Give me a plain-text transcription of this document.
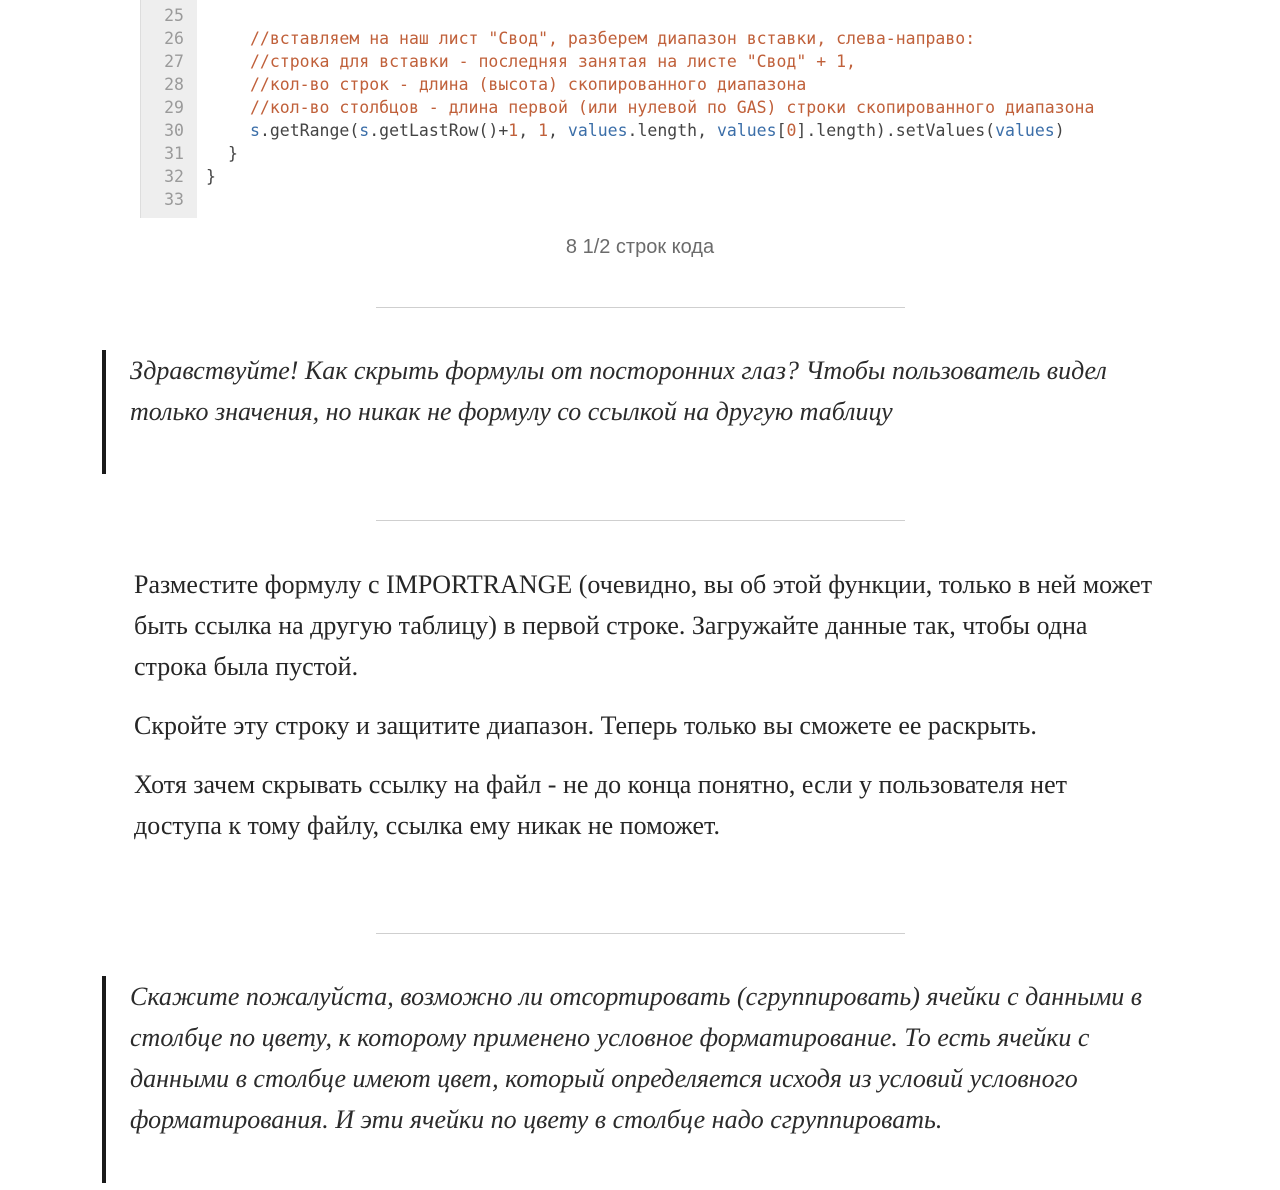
25
26	//вставляем на наш лист "Свод", разберем диапазон вставки, слева-направо:
27	//строка для вставки - последняя занятая на листе "Свод" + 1,
28	//кол-во строк - длина (высота) скопированного диапазона
29	//кол-во столбцов - длина первой (или нулевой по GAS) строки скопированного диапазона
30	s.getRange(s.getLastRow()+1, 1, values.length, values[0].length).setValues(values)
31	}
32 }
33
8 1/2 строк кода

Здравствуйте! Как скрыть формулы от посторонних глаз? Чтобы пользователь видел только значения, но никак не формулу со ссылкой на другую таблицу

Разместите формулу с IMPORTRANGE (очевидно, вы об этой функции, только в ней может быть ссылка на другую таблицу) в первой строке. Загружайте данные так, чтобы одна строка была пустой.

Скройте эту строку и защитите диапазон. Теперь только вы сможете ее раскрыть.

Хотя зачем скрывать ссылку на файл - не до конца понятно, если у пользователя нет доступа к тому файлу, ссылка ему никак не поможет.

Скажите пожалуйста, возможно ли отсортировать (сгруппировать) ячейки с данными в столбце по цвету, к которому применено условное форматирование. То есть ячейки с данными в столбце имеют цвет, который определяется исходя из условий условного форматирования. И эти ячейки по цвету в столбце надо сгруппировать.
